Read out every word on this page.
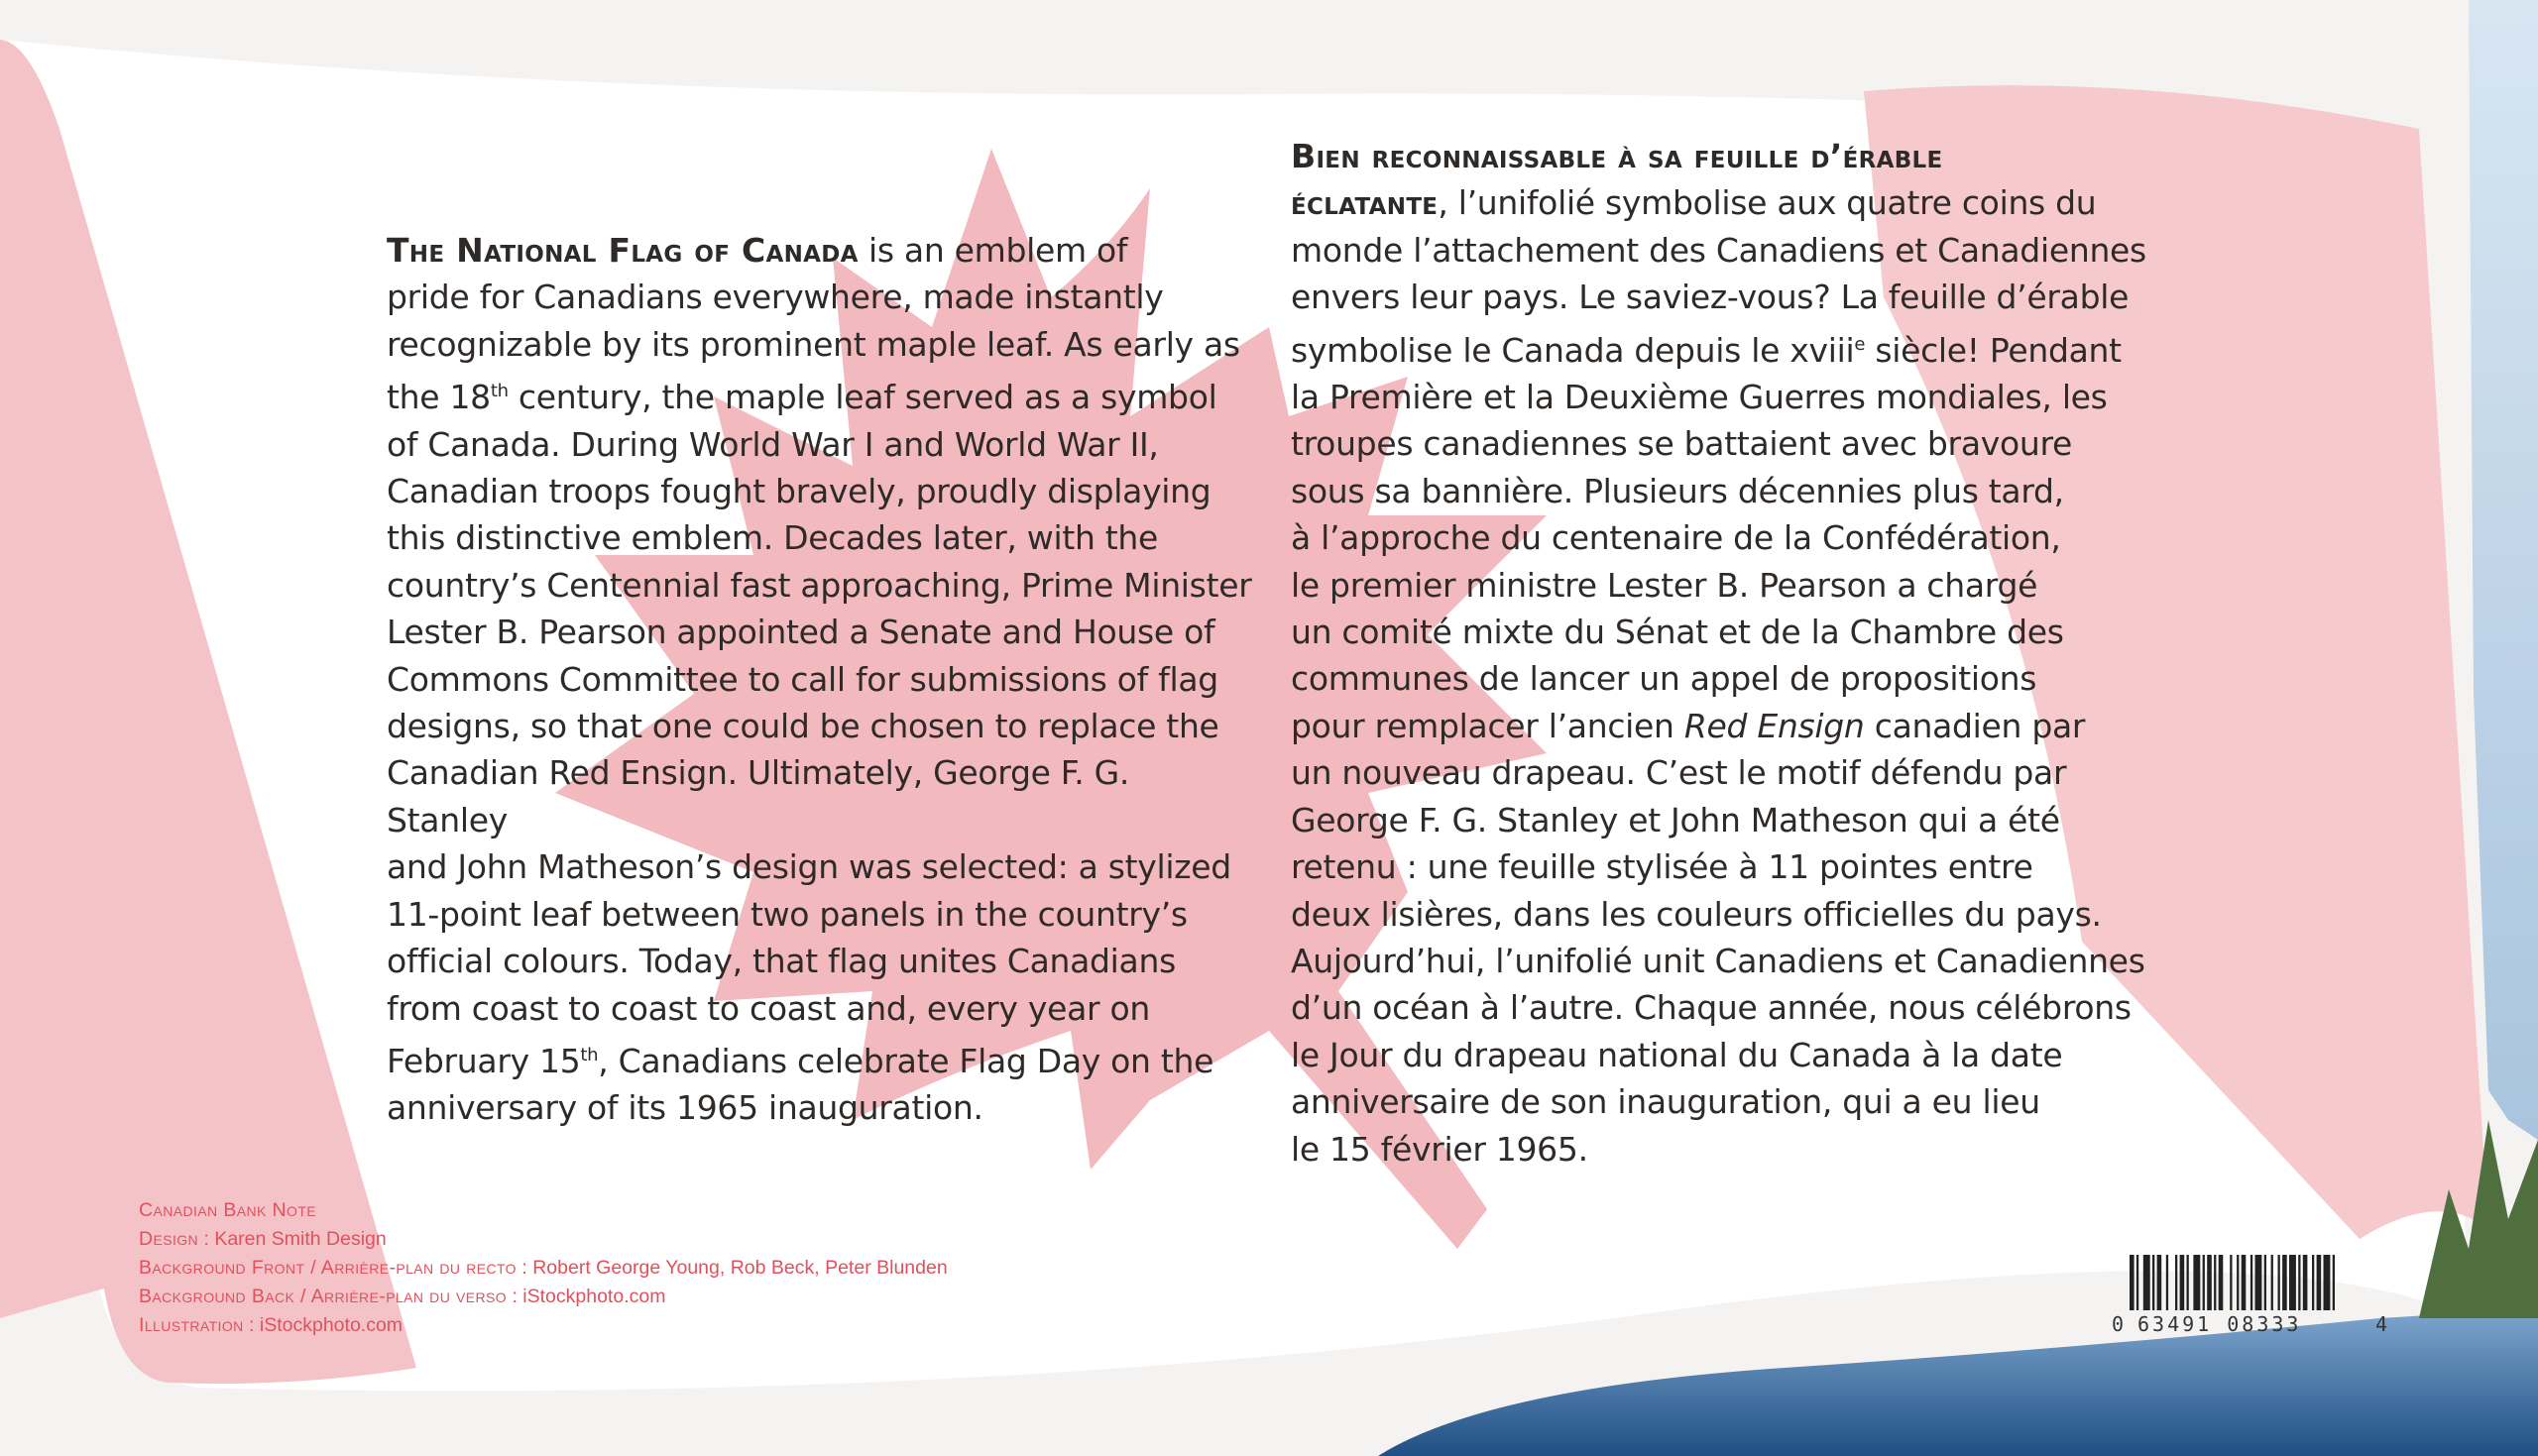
The National Flag of Canada is an emblem of
pride for Canadians everywhere, made instantly
recognizable by its prominent maple leaf. As early as
the 18th century, the maple leaf served as a symbol
of Canada. During World War I and World War II,
Canadian troops fought bravely, proudly displaying
this distinctive emblem. Decades later, with the
country’s Centennial fast approaching, Prime Minister
Lester B. Pearson appointed a Senate and House of
Commons Committee to call for submissions of flag
designs, so that one could be chosen to replace the
Canadian Red Ensign. Ultimately, George F. G. Stanley
and John Matheson’s design was selected: a stylized
11-point leaf between two panels in the country’s
official colours. Today, that flag unites Canadians
from coast to coast to coast and, every year on
February 15th, Canadians celebrate Flag Day on the
anniversary of its 1965 inauguration.
Bien reconnaissable à sa feuille d’érable
éclatante, l’unifolié symbolise aux quatre coins du
monde l’attachement des Canadiens et Canadiennes
envers leur pays. Le saviez-vous? La feuille d’érable
symbolise le Canada depuis le xviii$^e$ siècle! Pendant
la Première et la Deuxième Guerres mondiales, les
troupes canadiennes se battaient avec bravoure
sous sa bannière. Plusieurs décennies plus tard,
à l’approche du centenaire de la Confédération,
le premier ministre Lester B. Pearson a chargé
un comité mixte du Sénat et de la Chambre des
communes de lancer un appel de propositions
pour remplacer l’ancien Red Ensign canadien par
un nouveau drapeau. C’est le motif défendu par
George F. G. Stanley et John Matheson qui a été
retenu : une feuille stylisée à 11 pointes entre
deux lisières, dans les couleurs officielles du pays.
Aujourd’hui, l’unifolié unit Canadiens et Canadiennes
d’un océan à l’autre. Chaque année, nous célébrons
le Jour du drapeau national du Canada à la date
anniversaire de son inauguration, qui a eu lieu
le 15 février 1965.
Canadian Bank Note
Design : Karen Smith Design
Background Front / Arrière-plan du recto : Robert George Young, Rob Beck, Peter Blunden
Background Back / Arrière-plan du verso : iStockphoto.com
Illustration : iStockphoto.com	0 63491 08333	4
